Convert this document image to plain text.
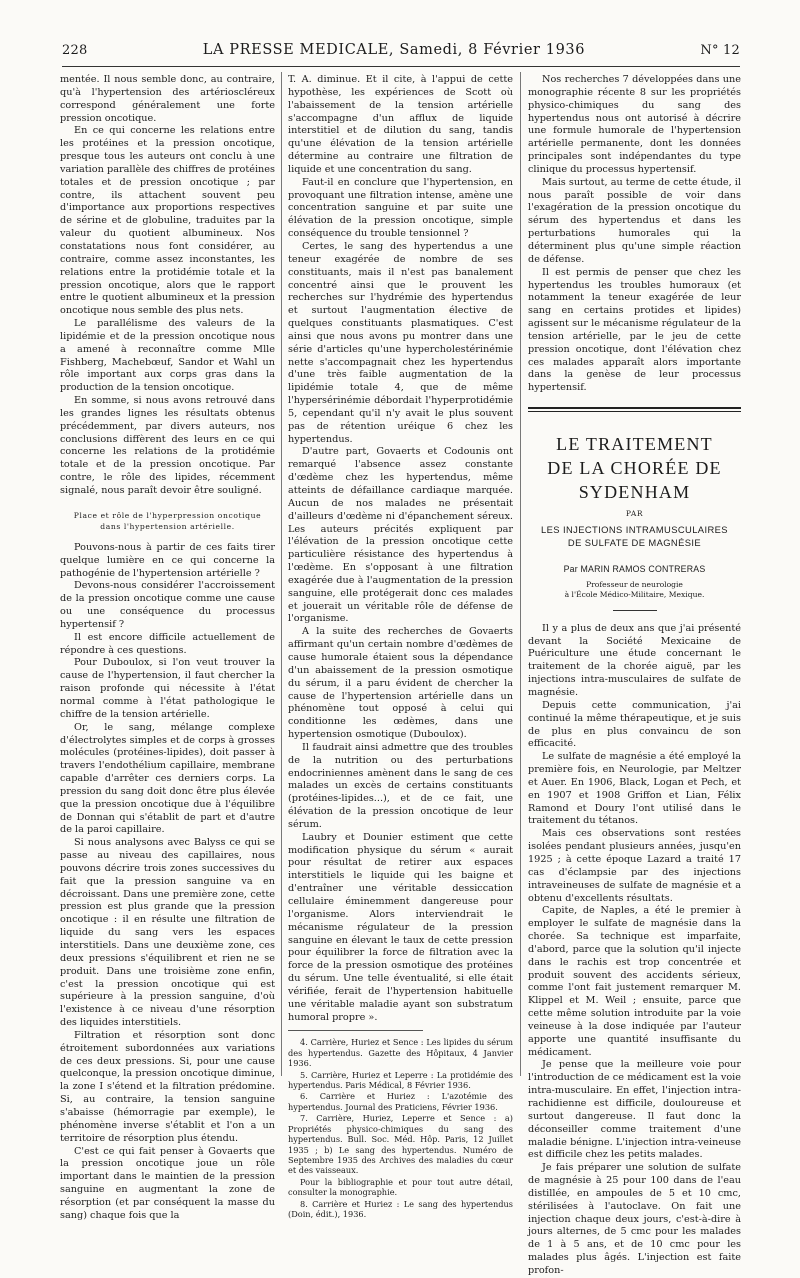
228	LA PRESSE MEDICALE, Samedi, 8 Février 1936	N° 12

mentée. Il nous semble donc, au contraire, qu'à l'hypertension des artérioscléreux correspond généralement une forte pression oncotique.

En ce qui concerne les relations entre les protéines et la pression oncotique, presque tous les auteurs ont conclu à une variation parallèle des chiffres de protéines totales et de pression oncotique ; par contre, ils attachent souvent peu d'importance aux proportions respectives de sérine et de globuline, traduites par la valeur du quotient albumineux. Nos constatations nous font considérer, au contraire, comme assez inconstantes, les relations entre la protidémie totale et la pression oncotique, alors que le rapport entre le quotient albumineux et la pression oncotique nous semble des plus nets.

Le parallélisme des valeurs de la lipidémie et de la pression oncotique nous a amené à reconnaître comme Mlle Fishberg, Machebœuf, Sandor et Wahl un rôle important aux corps gras dans la production de la tension oncotique.

En somme, si nous avons retrouvé dans les grandes lignes les résultats obtenus précédemment, par divers auteurs, nos conclusions diffèrent des leurs en ce qui concerne les relations de la protidémie totale et de la pression oncotique. Par contre, le rôle des lipides, récemment signalé, nous paraît devoir être souligné.

Place et rôle de l'hyperpression oncotique
dans l'hypertension artérielle.

Pouvons-nous à partir de ces faits tirer quelque lumière en ce qui concerne la pathogénie de l'hypertension artérielle ?

Devons-nous considérer l'accroissement de la pression oncotique comme une cause ou une conséquence du processus hypertensif ?

Il est encore difficile actuellement de répondre à ces questions.

Pour Duboulox, si l'on veut trouver la cause de l'hypertension, il faut chercher la raison profonde qui nécessite à l'état normal comme à l'état pathologique le chiffre de la tension artérielle.

Or, le sang, mélange complexe d'électrolytes simples et de corps à grosses molécules (protéines-lipides), doit passer à travers l'endothélium capillaire, membrane capable d'arrêter ces derniers corps. La pression du sang doit donc être plus élevée que la pression oncotique due à l'équilibre de Donnan qui s'établit de part et d'autre de la paroi capillaire.

Si nous analysons avec Balyss ce qui se passe au niveau des capillaires, nous pouvons décrire trois zones successives du fait que la pression sanguine va en décroissant. Dans une première zone, cette pression est plus grande que la pression oncotique : il en résulte une filtration de liquide du sang vers les espaces interstitiels. Dans une deuxième zone, ces deux pressions s'équilibrent et rien ne se produit. Dans une troisième zone enfin, c'est la pression oncotique qui est supérieure à la pression sanguine, d'où l'existence à ce niveau d'une résorption des liquides interstitiels.

Filtration et résorption sont donc étroitement subordonnées aux variations de ces deux pressions. Si, pour une cause quelconque, la pression oncotique diminue, la zone I s'étend et la filtration prédomine. Si, au contraire, la tension sanguine s'abaisse (hémorragie par exemple), le phénomène inverse s'établit et l'on a un territoire de résorption plus étendu.

C'est ce qui fait penser à Govaerts que la pression oncotique joue un rôle important dans le maintien de la pression sanguine en augmentant la zone de résorption (et par conséquent la masse du sang) chaque fois que la

T. A. diminue. Et il cite, à l'appui de cette hypothèse, les expériences de Scott où l'abaissement de la tension artérielle s'accompagne d'un afflux de liquide interstitiel et de dilution du sang, tandis qu'une élévation de la tension artérielle détermine au contraire une filtration de liquide et une concentration du sang.

Faut-il en conclure que l'hypertension, en provoquant une filtration intense, amène une concentration sanguine et par suite une élévation de la pression oncotique, simple conséquence du trouble tensionnel ?

Certes, le sang des hypertendus a une teneur exagérée de nombre de ses constituants, mais il n'est pas banalement concentré ainsi que le prouvent les recherches sur l'hydrémie des hypertendus et surtout l'augmentation élective de quelques constituants plasmatiques. C'est ainsi que nous avons pu montrer dans une série d'articles qu'une hypercholestérinémie nette s'accompagnait chez les hypertendus d'une très faible augmentation de la lipidémie totale 4, que de même l'hypersérinémie débordait l'hyperprotidémie 5, cependant qu'il n'y avait le plus souvent pas de rétention uréique 6 chez les hypertendus.

D'autre part, Govaerts et Codounis ont remarqué l'absence assez constante d'œdème chez les hypertendus, même atteints de défaillance cardiaque marquée. Aucun de nos malades ne présentait d'ailleurs d'œdème ni d'épanchement séreux. Les auteurs précités expliquent par l'élévation de la pression oncotique cette particulière résistance des hypertendus à l'œdème. En s'opposant à une filtration exagérée due à l'augmentation de la pression sanguine, elle protégerait donc ces malades et jouerait un véritable rôle de défense de l'organisme.

A la suite des recherches de Govaerts affirmant qu'un certain nombre d'œdèmes de cause humorale étaient sous la dépendance d'un abaissement de la pression osmotique du sérum, il a paru évident de chercher la cause de l'hypertension artérielle dans un phénomène tout opposé à celui qui conditionne les œdèmes, dans une hypertension osmotique (Duboulox).

Il faudrait ainsi admettre que des troubles de la nutrition ou des perturbations endocriniennes amènent dans le sang de ces malades un excès de certains constituants (protéines-lipides...), et de ce fait, une élévation de la pression oncotique de leur sérum.

Laubry et Dounier estiment que cette modification physique du sérum « aurait pour résultat de retirer aux espaces interstitiels le liquide qui les baigne et d'entraîner une véritable dessiccation cellulaire éminemment dangereuse pour l'organisme. Alors interviendrait le mécanisme régulateur de la pression sanguine en élevant le taux de cette pression pour équilibrer la force de filtration avec la force de la pression osmotique des protéines du sérum. Une telle éventualité, si elle était vérifiée, ferait de l'hypertension habituelle une véritable maladie ayant son substratum humoral propre ».

4. Carrière, Huriez et Sence : Les lipides du sérum des hypertendus. Gazette des Hôpitaux, 4 Janvier 1936.

5. Carrière, Huriez et Leperre : La protidémie des hypertendus. Paris Médical, 8 Février 1936.

6. Carrière et Huriez : L'azotémie des hypertendus. Journal des Praticiens, Février 1936.

7. Carrière, Huriez, Leperre et Sence : a) Propriétés physico-chimiques du sang des hypertendus. Bull. Soc. Méd. Hôp. Paris, 12 Juillet 1935 ; b) Le sang des hypertendus. Numéro de Septembre 1935 des Archives des maladies du cœur et des vaisseaux.

Pour la bibliographie et pour tout autre détail, consulter la monographie.

8. Carrière et Huriez : Le sang des hypertendus (Doin, édit.), 1936.

Nos recherches 7 développées dans une monographie récente 8 sur les propriétés physico-chimiques du sang des hypertendus nous ont autorisé à décrire une formule humorale de l'hypertension artérielle permanente, dont les données principales sont indépendantes du type clinique du processus hypertensif.

Mais surtout, au terme de cette étude, il nous paraît possible de voir dans l'exagération de la pression oncotique du sérum des hypertendus et dans les perturbations humorales qui la déterminent plus qu'une simple réaction de défense.

Il est permis de penser que chez les hypertendus les troubles humoraux (et notamment la teneur exagérée de leur sang en certains protides et lipides) agissent sur le mécanisme régulateur de la tension artérielle, par le jeu de cette pression oncotique, dont l'élévation chez ces malades apparaît alors importante dans la genèse de leur processus hypertensif.

LE TRAITEMENT
DE LA CHORÉE DE SYDENHAM
PAR
LES INJECTIONS INTRAMUSCULAIRES
DE SULFATE DE MAGNÉSIE
Par MARIN RAMOS CONTRERAS
Professeur de neurologie
à l'École Médico-Militaire, Mexique.

Il y a plus de deux ans que j'ai présenté devant la Société Mexicaine de Puériculture une étude concernant le traitement de la chorée aiguë, par les injections intra-musculaires de sulfate de magnésie.

Depuis cette communication, j'ai continué la même thérapeutique, et je suis de plus en plus convaincu de son efficacité.

Le sulfate de magnésie a été employé la première fois, en Neurologie, par Meltzer et Auer. En 1906, Black, Logan et Pech, et en 1907 et 1908 Griffon et Lian, Félix Ramond et Doury l'ont utilisé dans le traitement du tétanos.

Mais ces observations sont restées isolées pendant plusieurs années, jusqu'en 1925 ; à cette époque Lazard a traité 17 cas d'éclampsie par des injections intraveineuses de sulfate de magnésie et a obtenu d'excellents résultats.

Capite, de Naples, a été le premier à employer le sulfate de magnésie dans la chorée. Sa technique est imparfaite, d'abord, parce que la solution qu'il injecte dans le rachis est trop concentrée et produit souvent des accidents sérieux, comme l'ont fait justement remarquer M. Klippel et M. Weil ; ensuite, parce que cette même solution introduite par la voie veineuse à la dose indiquée par l'auteur apporte une quantité insuffisante du médicament.

Je pense que la meilleure voie pour l'introduction de ce médicament est la voie intra-musculaire. En effet, l'injection intra-rachidienne est difficile, douloureuse et surtout dangereuse. Il faut donc la déconseiller comme traitement d'une maladie bénigne. L'injection intra-veineuse est difficile chez les petits malades.

Je fais préparer une solution de sulfate de magnésie à 25 pour 100 dans de l'eau distillée, en ampoules de 5 et 10 cmc, stérilisées à l'autoclave. On fait une injection chaque deux jours, c'est-à-dire à jours alternes, de 5 cmc pour les malades de 1 à 5 ans, et de 10 cmc pour les malades plus âgés. L'injection est faite profon-
